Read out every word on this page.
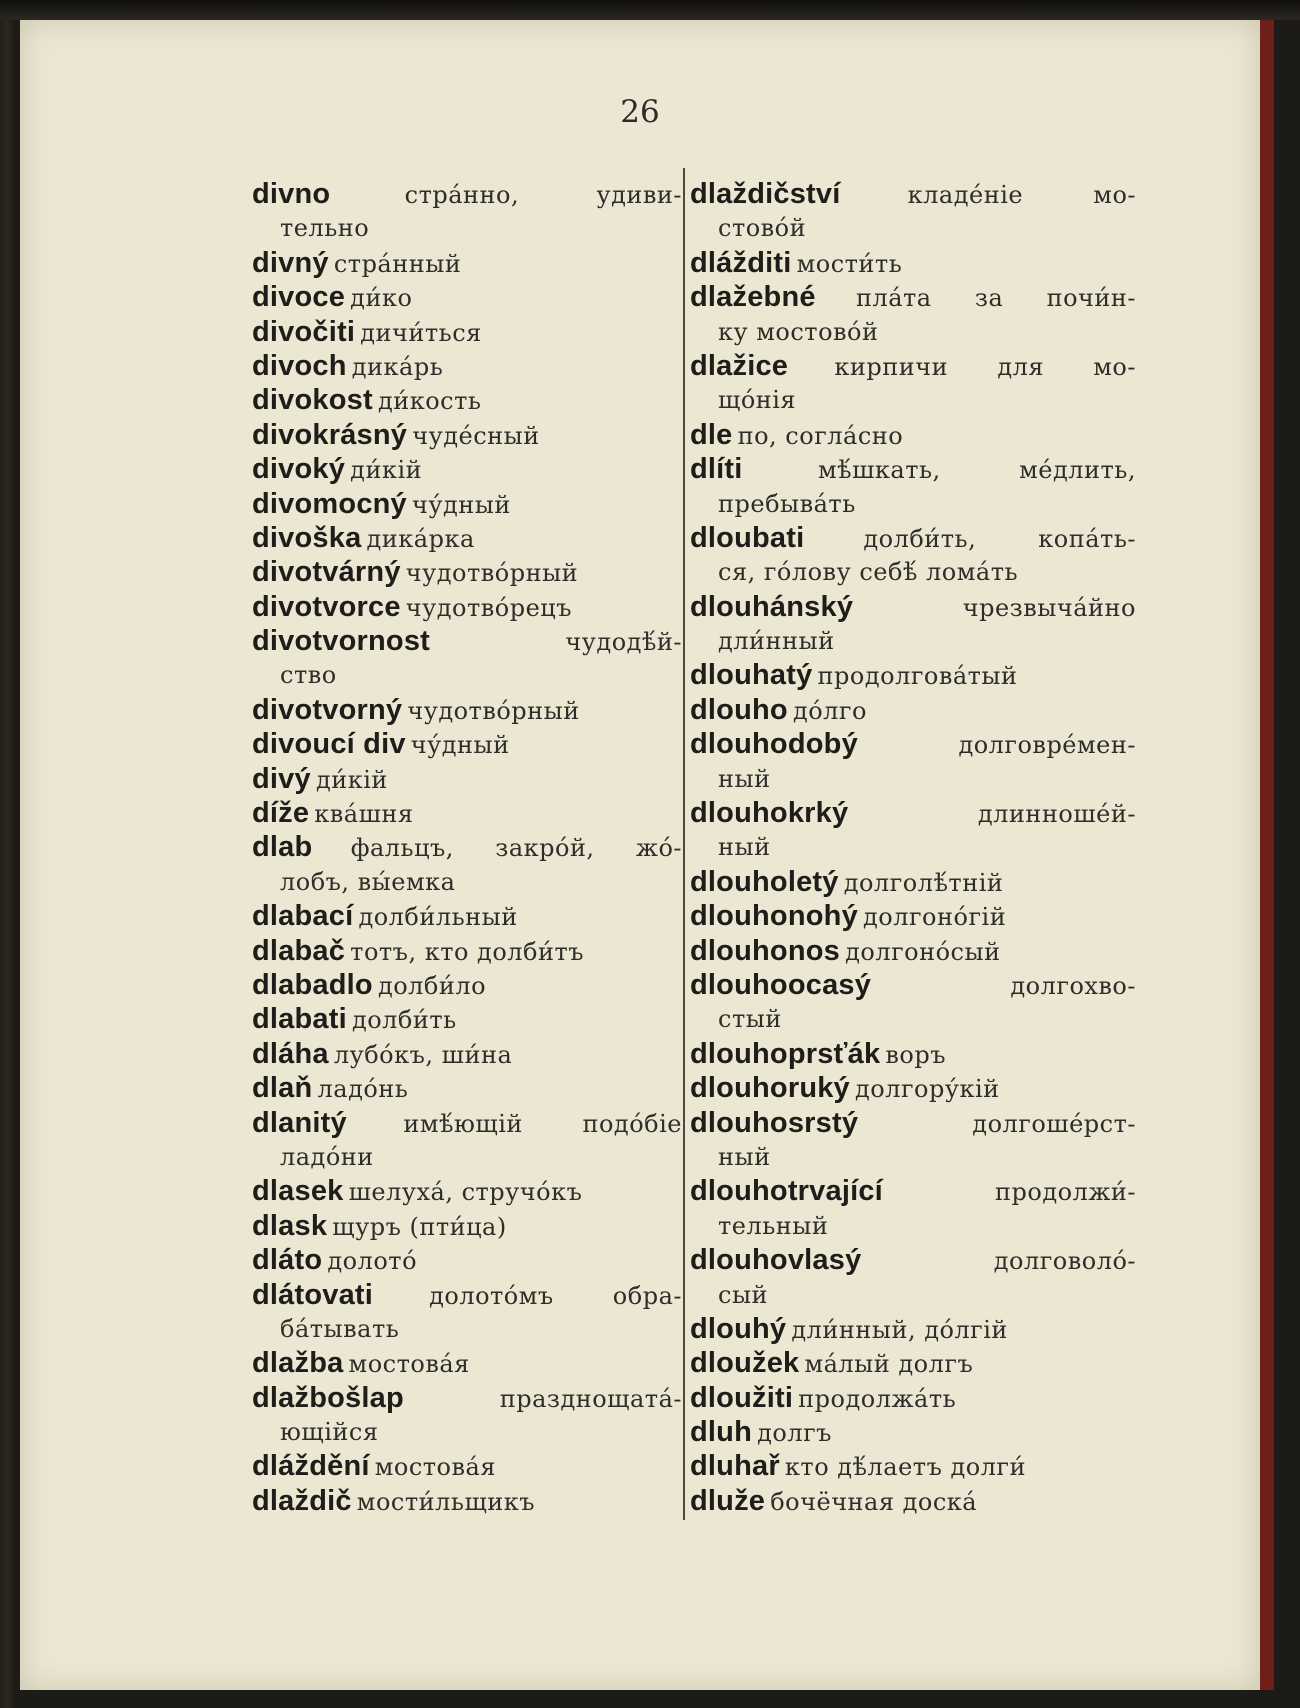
26
divno	стра́нно, удиви-
тельно
divný стра́нный
divoce ди́ко
divočiti дичи́ться
divoch дика́рь
divokost ди́кость
divokrásný чуде́сный
divoký ди́кій
divomocný чу́дный
divoška дика́рка
divotvárný чудотво́рный
divotvorce чудотво́рецъ
divotvornost	чудодѣ́й-
ство
divotvorný чудотво́рный
divoucí div чу́дный
divý ди́кій
díže ква́шня
dlab фальцъ, закро́й, жо́-
лобъ, вы́емка
dlabací долби́льный
dlabač тотъ, кто долби́тъ
dlabadlo долби́ло
dlabati долби́ть
dláha лубо́къ, ши́на
dlaň ладо́нь
dlanitý имѣ́ющій подо́біе
ладо́ни
dlasek шелуха́, стручо́къ
dlask щуръ (пти́ца)
dláto долото́
dlátovati долото́мъ обра-
ба́тывать
dlažba мостова́я
dlažbošlap	празднощата́-
ющійся
dláždění мостова́я
dlaždič мости́льщикъ
dlaždičství	кладе́ніе мо-
стово́й
dlážditi мости́ть
dlažebné пла́та за почи́н-
ку мостово́й
dlažice кирпичи для мо-
що́нія
dle по, согла́сно
dlíti	мѣ́шкать, ме́длить,
пребыва́ть
dloubati долби́ть, копа́ть-
ся, го́лову себѣ́ лома́ть
dlouhánský	чрезвыча́йно
дли́нный
dlouhatý продолгова́тый
dlouho до́лго
dlouhodobý	долговре́мен-
ный
dlouhokrký	длинноше́й-
ный
dlouholetý долголѣ́тній
dlouhonohý долгоно́гій
dlouhonos долгоно́сый
dlouhoocasý	долгохво-
стый
dlouhoprsťák воръ
dlouhoruký долгору́кій
dlouhosrstý	долгоше́рст-
ный
dlouhotrvající	продолжи́-
тельный
dlouhovlasý	долговоло́-
сый
dlouhý дли́нный, до́лгій
dloužek ма́лый долгъ
dloužiti продолжа́ть
dluh долгъ
dluhař кто дѣ́лаетъ долги́
dluže бочёчная доска́
